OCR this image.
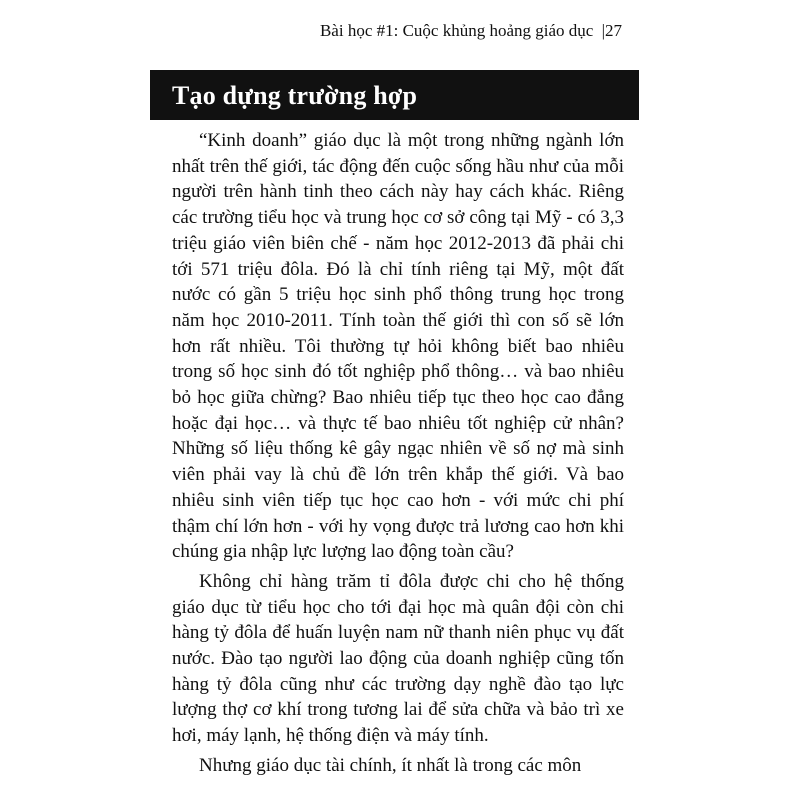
Bài học #1: Cuộc khủng hoảng giáo dục |27
Tạo dựng trường hợp

“Kinh doanh” giáo dục là một trong những ngành lớn nhất trên thế giới, tác động đến cuộc sống hầu như của mỗi người trên hành tinh theo cách này hay cách khác. Riêng các trường tiểu học và trung học cơ sở công tại Mỹ - có 3,3 triệu giáo viên biên chế - năm học 2012-2013 đã phải chi tới 571 triệu đôla. Đó là chỉ tính riêng tại Mỹ, một đất nước có gần 5 triệu học sinh phổ thông trung học trong năm học 2010-2011. Tính toàn thế giới thì con số sẽ lớn hơn rất nhiều. Tôi thường tự hỏi không biết bao nhiêu trong số học sinh đó tốt nghiệp phổ thông… và bao nhiêu bỏ học giữa chừng? Bao nhiêu tiếp tục theo học cao đẳng hoặc đại học… và thực tế bao nhiêu tốt nghiệp cử nhân? Những số liệu thống kê gây ngạc nhiên về số nợ mà sinh viên phải vay là chủ đề lớn trên khắp thế giới. Và bao nhiêu sinh viên tiếp tục học cao hơn - với mức chi phí thậm chí lớn hơn - với hy vọng được trả lương cao hơn khi chúng gia nhập lực lượng lao động toàn cầu?

Không chỉ hàng trăm tỉ đôla được chi cho hệ thống giáo dục từ tiểu học cho tới đại học mà quân đội còn chi hàng tỷ đôla để huấn luyện nam nữ thanh niên phục vụ đất nước. Đào tạo người lao động của doanh nghiệp cũng tốn hàng tỷ đôla cũng như các trường dạy nghề đào tạo lực lượng thợ cơ khí trong tương lai để sửa chữa và bảo trì xe hơi, máy lạnh, hệ thống điện và máy tính.

Nhưng giáo dục tài chính, ít nhất là trong các môn
